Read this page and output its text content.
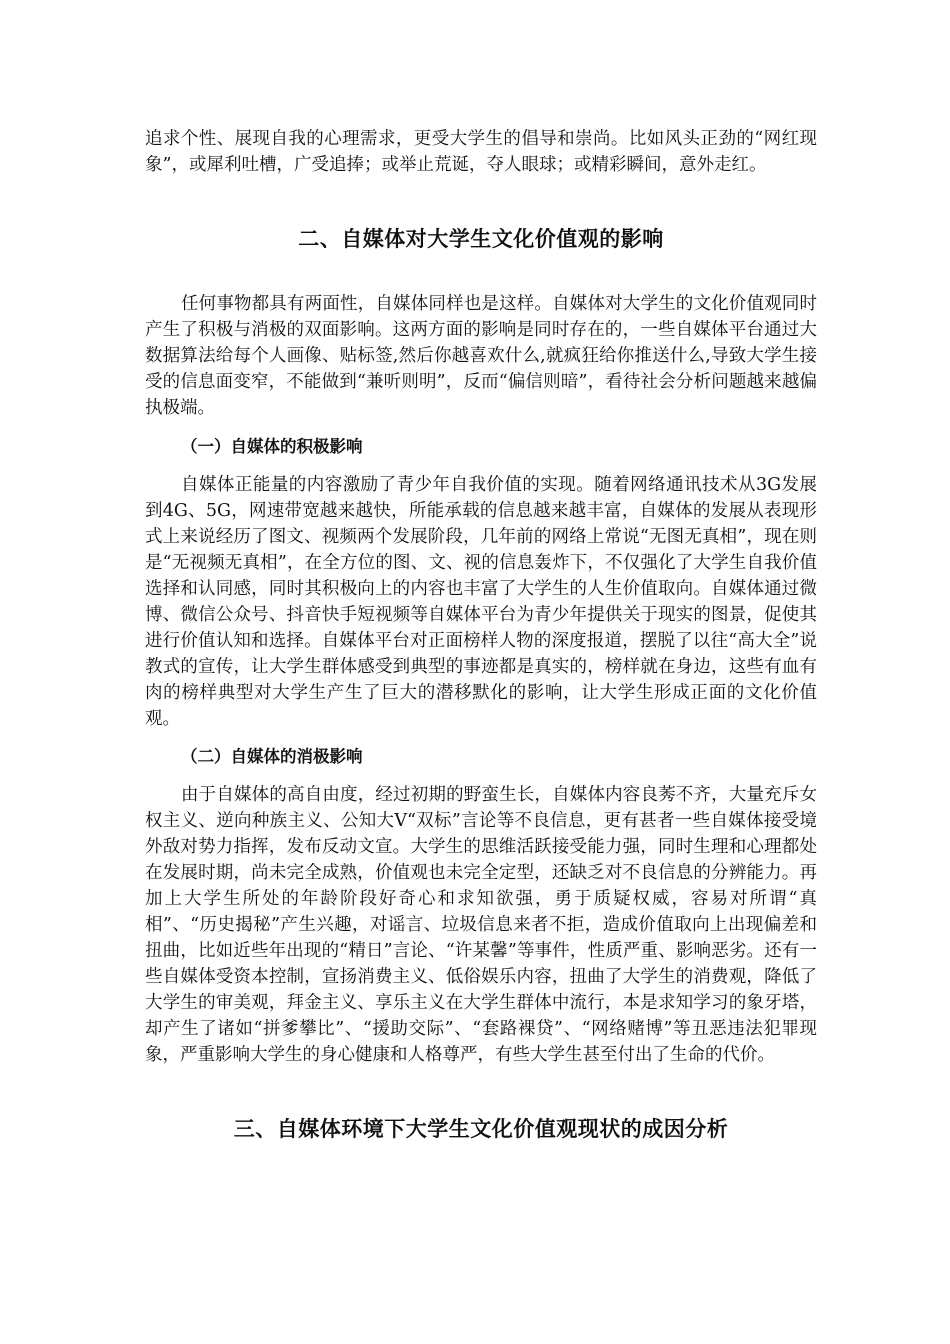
追求个性、展现自我的心理需求，更受大学生的倡导和崇尚。比如风头正劲的“网红现象”，或犀利吐槽，广受追捧；或举止荒诞，夺人眼球；或精彩瞬间，意外走红。

二、自媒体对大学生文化价值观的影响

任何事物都具有两面性，自媒体同样也是这样。自媒体对大学生的文化价值观同时产生了积极与消极的双面影响。这两方面的影响是同时存在的，一些自媒体平台通过大数据算法给每个人画像、贴标签,然后你越喜欢什么,就疯狂给你推送什么,导致大学生接受的信息面变窄，不能做到“兼听则明”，反而“偏信则暗”，看待社会分析问题越来越偏执极端。

（一）自媒体的积极影响

自媒体正能量的内容激励了青少年自我价值的实现。随着网络通讯技术从3G发展到4G、5G，网速带宽越来越快，所能承载的信息越来越丰富，自媒体的发展从表现形式上来说经历了图文、视频两个发展阶段，几年前的网络上常说“无图无真相”，现在则是“无视频无真相”，在全方位的图、文、视的信息轰炸下，不仅强化了大学生自我价值选择和认同感，同时其积极向上的内容也丰富了大学生的人生价值取向。自媒体通过微博、微信公众号、抖音快手短视频等自媒体平台为青少年提供关于现实的图景，促使其进行价值认知和选择。自媒体平台对正面榜样人物的深度报道，摆脱了以往“高大全”说教式的宣传，让大学生群体感受到典型的事迹都是真实的，榜样就在身边，这些有血有肉的榜样典型对大学生产生了巨大的潜移默化的影响，让大学生形成正面的文化价值观。

（二）自媒体的消极影响

由于自媒体的高自由度，经过初期的野蛮生长，自媒体内容良莠不齐，大量充斥女权主义、逆向种族主义、公知大V“双标”言论等不良信息，更有甚者一些自媒体接受境外敌对势力指挥，发布反动文宣。大学生的思维活跃接受能力强，同时生理和心理都处在发展时期，尚未完全成熟，价值观也未完全定型，还缺乏对不良信息的分辨能力。再加上大学生所处的年龄阶段好奇心和求知欲强，勇于质疑权威，容易对所谓“真相”、“历史揭秘”产生兴趣，对谣言、垃圾信息来者不拒，造成价值取向上出现偏差和扭曲，比如近些年出现的“精日”言论、“许某馨”等事件，性质严重、影响恶劣。还有一些自媒体受资本控制，宣扬消费主义、低俗娱乐内容，扭曲了大学生的消费观，降低了大学生的审美观，拜金主义、享乐主义在大学生群体中流行，本是求知学习的象牙塔，却产生了诸如“拼爹攀比”、“援助交际”、“套路裸贷”、“网络赌博”等丑恶违法犯罪现象，严重影响大学生的身心健康和人格尊严，有些大学生甚至付出了生命的代价。

三、自媒体环境下大学生文化价值观现状的成因分析
